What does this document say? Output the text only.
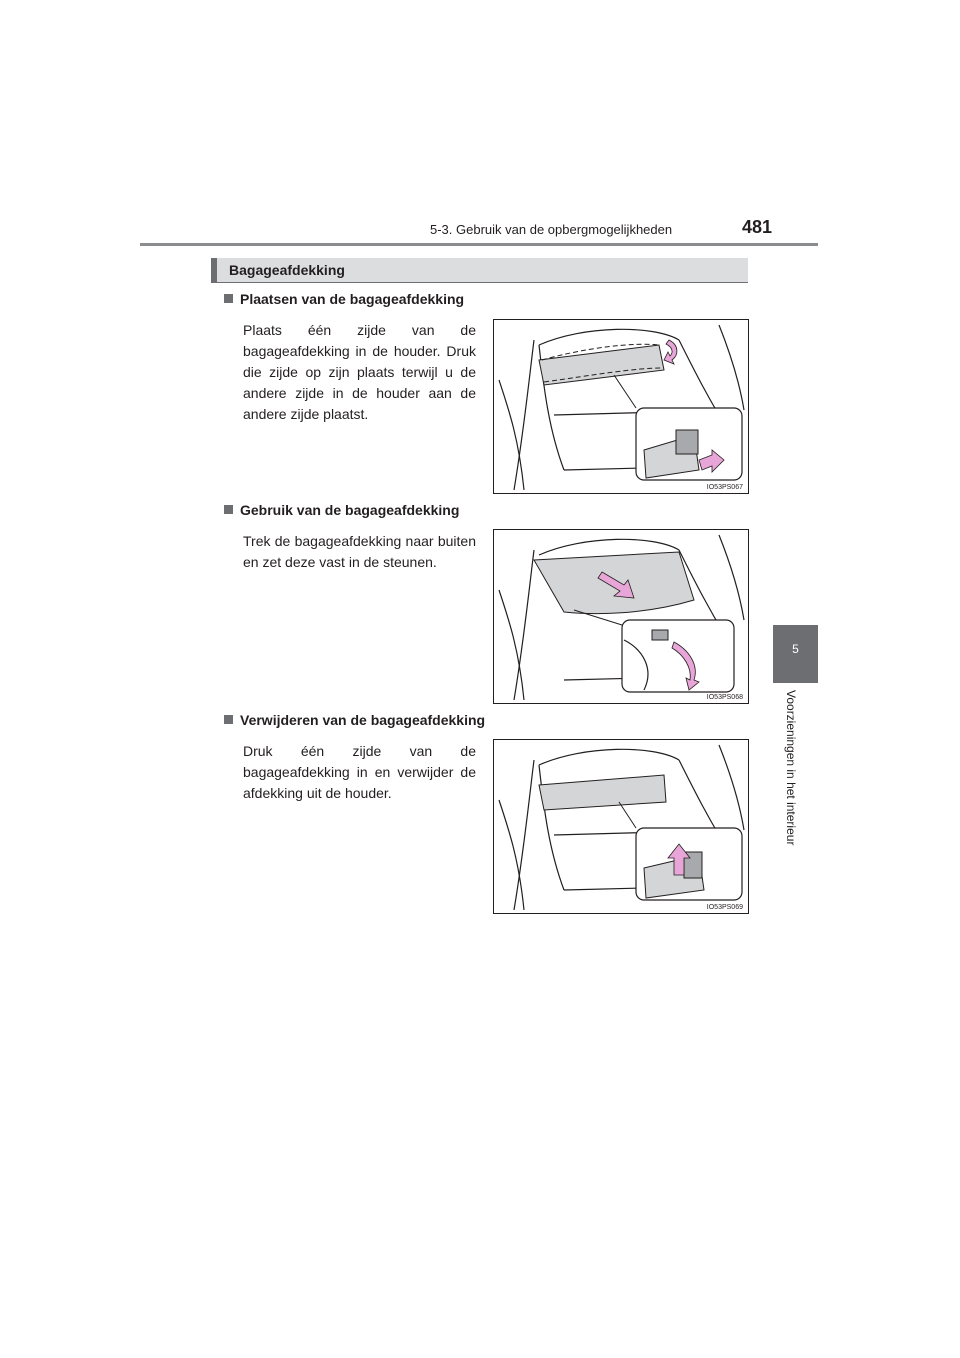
5-3. Gebruik van de opbergmogelijkheden	481
5
Voorzieningen in het interieur
Bagageafdekking
Plaatsen van de bagageafdekking
Plaats één zijde van de bagageafdekking in de houder. Druk die zijde op zijn plaats terwijl u de andere zijde in de houder aan de andere zijde plaatst.
IO53PS067
Gebruik van de bagageafdekking
Trek de bagageafdekking naar buiten en zet deze vast in de steunen.
IO53PS068
Verwijderen van de bagageafdekking
Druk één zijde van de bagageafdekking in en verwijder de afdekking uit de houder.
IO53PS069
